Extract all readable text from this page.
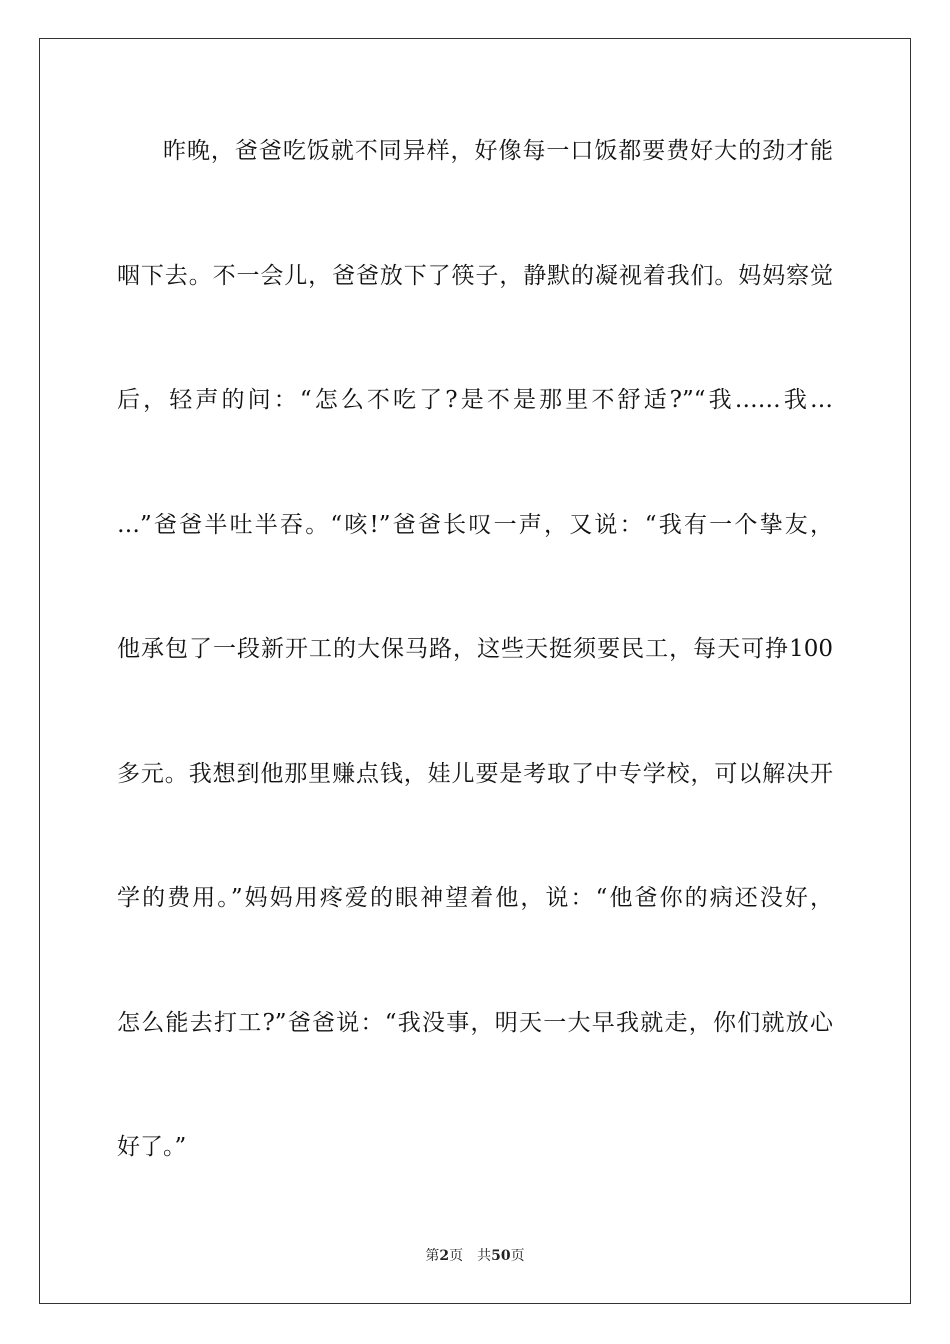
昨晚，爸爸吃饭就不同异样，好像每一口饭都要费好大的劲才能
咽下去。不一会儿，爸爸放下了筷子，静默的凝视着我们。妈妈察觉
后，轻声的问：“怎么不吃了?是不是那里不舒适?”“我……我…
…”爸爸半吐半吞。“咳!”爸爸长叹一声，又说：“我有一个挚友，
他承包了一段新开工的大保马路，这些天挺须要民工，每天可挣100
多元。我想到他那里赚点钱，娃儿要是考取了中专学校，可以解决开
学的费用。”妈妈用疼爱的眼神望着他，说：“他爸你的病还没好，
怎么能去打工?”爸爸说：“我没事，明天一大早我就走，你们就放心
好了。”
第2页 共50页
